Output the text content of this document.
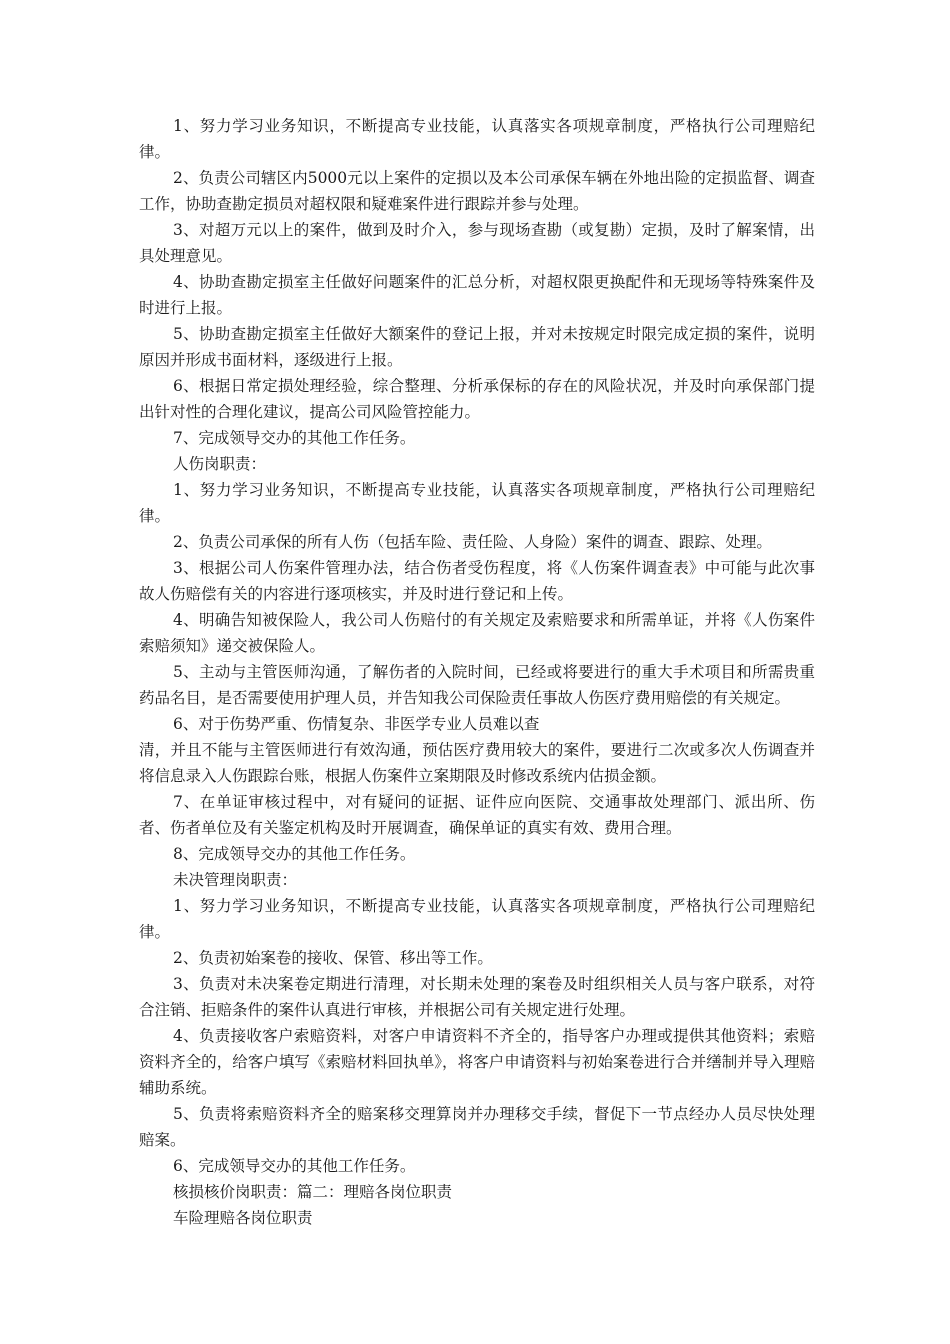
1、努力学习业务知识，不断提高专业技能，认真落实各项规章制度，严格执行公司理赔纪律。

2、负责公司辖区内5000元以上案件的定损以及本公司承保车辆在外地出险的定损监督、调查工作，协助查勘定损员对超权限和疑难案件进行跟踪并参与处理。

3、对超万元以上的案件，做到及时介入，参与现场查勘（或复勘）定损，及时了解案情，出具处理意见。

4、协助查勘定损室主任做好问题案件的汇总分析，对超权限更换配件和无现场等特殊案件及时进行上报。

5、协助查勘定损室主任做好大额案件的登记上报，并对未按规定时限完成定损的案件，说明原因并形成书面材料，逐级进行上报。

6、根据日常定损处理经验，综合整理、分析承保标的存在的风险状况，并及时向承保部门提出针对性的合理化建议，提高公司风险管控能力。

7、完成领导交办的其他工作任务。

人伤岗职责：

1、努力学习业务知识，不断提高专业技能，认真落实各项规章制度，严格执行公司理赔纪律。

2、负责公司承保的所有人伤（包括车险、责任险、人身险）案件的调查、跟踪、处理。

3、根据公司人伤案件管理办法，结合伤者受伤程度，将《人伤案件调查表》中可能与此次事故人伤赔偿有关的内容进行逐项核实，并及时进行登记和上传。

4、明确告知被保险人，我公司人伤赔付的有关规定及索赔要求和所需单证，并将《人伤案件索赔须知》递交被保险人。

5、主动与主管医师沟通，了解伤者的入院时间，已经或将要进行的重大手术项目和所需贵重药品名目，是否需要使用护理人员，并告知我公司保险责任事故人伤医疗费用赔偿的有关规定。

6、对于伤势严重、伤情复杂、非医学专业人员难以查

清，并且不能与主管医师进行有效沟通，预估医疗费用较大的案件，要进行二次或多次人伤调查并将信息录入人伤跟踪台账，根据人伤案件立案期限及时修改系统内估损金额。

7、在单证审核过程中，对有疑问的证据、证件应向医院、交通事故处理部门、派出所、伤者、伤者单位及有关鉴定机构及时开展调查，确保单证的真实有效、费用合理。

8、完成领导交办的其他工作任务。

未决管理岗职责：

1、努力学习业务知识，不断提高专业技能，认真落实各项规章制度，严格执行公司理赔纪律。

2、负责初始案卷的接收、保管、移出等工作。

3、负责对未决案卷定期进行清理，对长期未处理的案卷及时组织相关人员与客户联系，对符合注销、拒赔条件的案件认真进行审核，并根据公司有关规定进行处理。

4、负责接收客户索赔资料，对客户申请资料不齐全的，指导客户办理或提供其他资料；索赔资料齐全的，给客户填写《索赔材料回执单》，将客户申请资料与初始案卷进行合并缮制并导入理赔辅助系统。

5、负责将索赔资料齐全的赔案移交理算岗并办理移交手续，督促下一节点经办人员尽快处理赔案。

6、完成领导交办的其他工作任务。

核损核价岗职责：篇二：理赔各岗位职责

车险理赔各岗位职责
